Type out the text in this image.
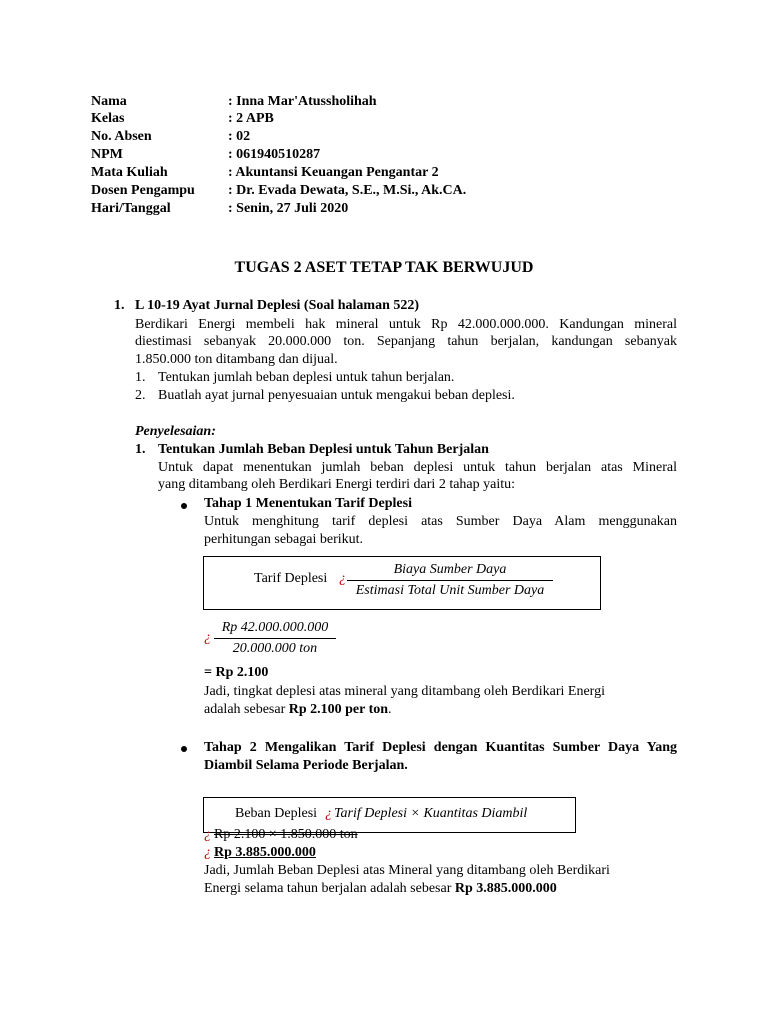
Nama	: Inna Mar'Atussholihah
Kelas	: 2 APB
No. Absen	: 02
NPM	: 061940510287
Mata Kuliah	: Akuntansi Keuangan Pengantar 2
Dosen Pengampu : Dr. Evada Dewata, S.E., M.Si., Ak.CA.
Hari/Tanggal	: Senin, 27 Juli 2020
TUGAS 2 ASET TETAP TAK BERWUJUD
1. L 10-19 Ayat Jurnal Deplesi (Soal halaman 522)
Berdikari Energi membeli hak mineral untuk Rp 42.000.000.000. Kandungan mineral
diestimasi sebanyak 20.000.000 ton. Sepanjang tahun berjalan, kandungan sebanyak
1.850.000 ton ditambang dan dijual.
1. Tentukan jumlah beban deplesi untuk tahun berjalan.
2. Buatlah ayat jurnal penyesuaian untuk mengakui beban deplesi.
Penyelesaian:
1. Tentukan Jumlah Beban Deplesi untuk Tahun Berjalan
Untuk dapat menentukan jumlah beban deplesi untuk tahun berjalan atas Mineral
yang ditambang oleh Berdikari Energi terdiri dari 2 tahap yaitu:
Tahap 1 Menentukan Tarif Deplesi
Untuk menghitung tarif deplesi atas Sumber Daya Alam menggunakan
perhitungan sebagai berikut.
Tarif Deplesi ¿
Biaya Sumber Daya
Estimasi Total Unit Sumber Daya
¿
Rp 42.000.000.000
20.000.000 ton
= Rp 2.100
Jadi, tingkat deplesi atas mineral yang ditambang oleh Berdikari Energi
adalah sebesar Rp 2.100 per ton.
Tahap 2 Mengalikan Tarif Deplesi dengan Kuantitas Sumber Daya Yang
Diambil Selama Periode Berjalan.
Beban Deplesi ¿ Tarif Deplesi × Kuantitas Diambil
¿ Rp 2.100 × 1.850.000 ton
¿ Rp 3.885.000.000
Jadi, Jumlah Beban Deplesi atas Mineral yang ditambang oleh Berdikari
Energi selama tahun berjalan adalah sebesar Rp 3.885.000.000
